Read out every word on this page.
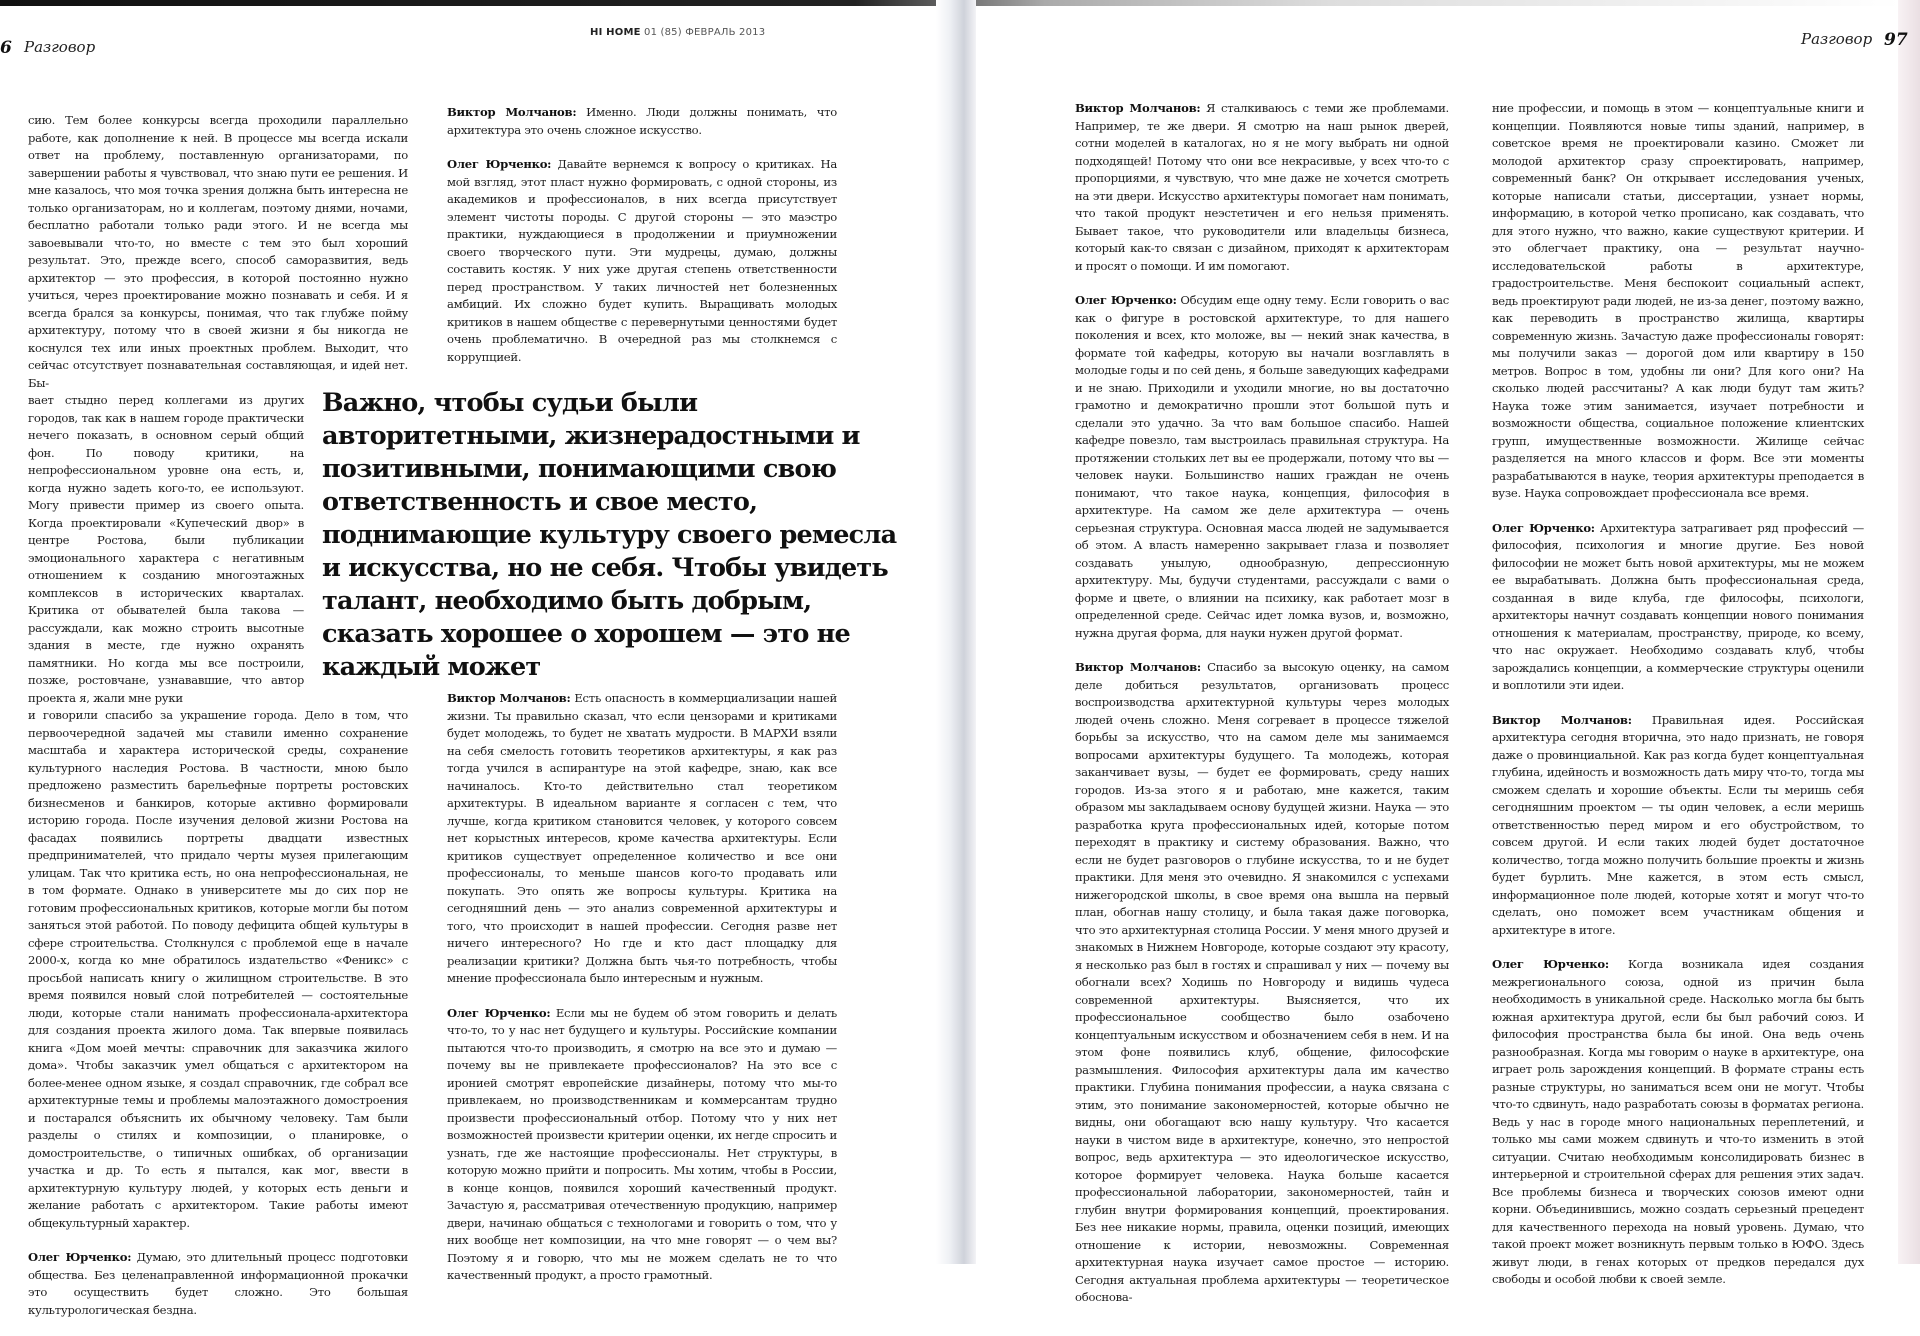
6 Разговор
HI HOME 01 (85) ФЕВРАЛЬ 2013	Разговор 97

сию. Тем более конкурсы всегда проходили параллельно работе, как дополнение к ней. В процессе мы всегда искали ответ на проблему, поставленную организаторами, по завершении работы я чувствовал, что знаю пути ее решения. И мне казалось, что моя точка зрения должна быть интересна не только организаторам, но и коллегам, поэтому днями, ночами, бесплатно работали только ради этого. И не всегда мы завоевывали что-то, но вместе с тем это был хороший результат. Это, прежде всего, способ саморазвития, ведь архитектор — это профессия, в которой постоянно нужно учиться, через проектирование можно познавать и себя. И я всегда брался за конкурсы, понимая, что так глубже пойму архитектуру, потому что в своей жизни я бы никогда не коснулся тех или иных проектных проблем. Выходит, что сейчас отсутствует познавательная составляющая, и идей нет. Бы-

вает стыдно перед коллегами из других городов, так как в нашем городе практически нечего показать, в основном серый общий фон. По поводу критики, на непрофессиональном уровне она есть, и, когда нужно задеть кого-то, ее используют. Могу привести пример из своего опыта. Когда проектировали «Купеческий двор» в центре Ростова, были публикации эмоционального характера с негативным отношением к созданию многоэтажных комплексов в исторических кварталах. Критика от обывателей была такова — рассуждали, как можно строить высотные здания в месте, где нужно охранять памятники. Но когда мы все построили, позже, ростовчане, узнававшие, что автор проекта я, жали мне руки

и говорили спасибо за украшение города. Дело в том, что первоочередной задачей мы ставили именно сохранение масштаба и характера исторической среды, сохранение культурного наследия Ростова. В частности, мною было предложено разместить барельефные портреты ростовских бизнесменов и банкиров, которые активно формировали историю города. После изучения деловой жизни Ростова на фасадах появились портреты двадцати известных предпринимателей, что придало черты музея прилегающим улицам. Так что критика есть, но она непрофессиональная, не в том формате. Однако в университете мы до сих пор не готовим профессиональных критиков, которые могли бы потом заняться этой работой. По поводу дефицита общей культуры в сфере строительства. Столкнулся с проблемой еще в начале 2000-х, когда ко мне обратилось издательство «Феникс» с просьбой написать книгу о жилищном строительстве. В это время появился новый слой потребителей — состоятельные люди, которые стали нанимать профессионала-архитектора для создания проекта жилого дома. Так впервые появилась книга «Дом моей мечты: справочник для заказчика жилого дома». Чтобы заказчик умел общаться с архитектором на более-менее одном языке, я создал справочник, где собрал все архитектурные темы и проблемы малоэтажного домостроения и постарался объяснить их обычному человеку. Там были разделы о стилях и композиции, о планировке, о домостроительстве, о типичных ошибках, об организации участка и др. То есть я пытался, как мог, ввести в архитектурную культуру людей, у которых есть деньги и желание работать с архитектором. Такие работы имеют общекультурный характер.

Олег Юрченко: Думаю, это длительный процесс подготовки общества. Без целенаправленной информационной прокачки это осуществить будет сложно. Это большая культурологическая бездна.

Виктор Молчанов: Именно. Люди должны понимать, что архитектура это очень сложное искусство.

Олег Юрченко: Давайте вернемся к вопросу о критиках. На мой взгляд, этот пласт нужно формировать, с одной стороны, из академиков и профессионалов, в них всегда присутствует элемент чистоты породы. С другой стороны — это маэстро практики, нуждающиеся в продолжении и приумножении своего творческого пути. Эти мудрецы, думаю, должны составить костяк. У них уже другая степень ответственности перед пространством. У таких личностей нет болезненных амбиций. Их сложно будет купить. Выращивать молодых критиков в нашем обществе с перевернутыми ценностями будет очень проблематично. В очередной раз мы столкнемся с коррупцией.

Виктор Молчанов: Есть опасность в коммерциализации нашей жизни. Ты правильно сказал, что если цензорами и критиками будет молодежь, то будет не хватать мудрости. В МАРХИ взяли на себя смелость готовить теоретиков архитектуры, я как раз тогда учился в аспирантуре на этой кафедре, знаю, как все начиналось. Кто-то действительно стал теоретиком архитектуры. В идеальном варианте я согласен с тем, что лучше, когда критиком становится человек, у которого совсем нет корыстных интересов, кроме качества архитектуры. Если критиков существует определенное количество и все они профессионалы, то меньше шансов кого-то продавать или покупать. Это опять же вопросы культуры. Критика на сегодняшний день — это анализ современной архитектуры и того, что происходит в нашей профессии. Сегодня разве нет ничего интересного? Но где и кто даст площадку для реализации критики? Должна быть чья-то потребность, чтобы мнение профессионала было интересным и нужным.

Олег Юрченко: Если мы не будем об этом говорить и делать что-то, то у нас нет будущего и культуры. Российские компании пытаются что-то производить, я смотрю на все это и думаю — почему вы не привлекаете профессионалов? На это все с иронией смотрят европейские дизайнеры, потому что мы-то привлекаем, но производственникам и коммерсантам трудно произвести профессиональный отбор. Потому что у них нет возможностей произвести критерии оценки, их негде спросить и узнать, где же настоящие профессионалы. Нет структуры, в которую можно прийти и попросить. Мы хотим, чтобы в России, в конце концов, появился хороший качественный продукт. Зачастую я, рассматривая отечественную продукцию, например двери, начинаю общаться с технологами и говорить о том, что у них вообще нет композиции, на что мне говорят — о чем вы? Поэтому я и говорю, что мы не можем сделать не то что качественный продукт, а просто грамотный.

Важно, чтобы судьи были авторитетными, жизнерадостными и позитивными, понимающими свою ответственность и свое место, поднимающие культуру своего ремесла и искусства, но не себя. Чтобы увидеть талант, необходимо быть добрым, сказать хорошее о хорошем — это не каждый может

Виктор Молчанов: Я сталкиваюсь с теми же проблемами. Например, те же двери. Я смотрю на наш рынок дверей, сотни моделей в каталогах, но я не могу выбрать ни одной подходящей! Потому что они все некрасивые, у всех что-то с пропорциями, я чувствую, что мне даже не хочется смотреть на эти двери. Искусство архитектуры помогает нам понимать, что такой продукт неэстетичен и его нельзя применять. Бывает такое, что руководители или владельцы бизнеса, который как-то связан с дизайном, приходят к архитекторам и просят о помощи. И им помогают.

Олег Юрченко: Обсудим еще одну тему. Если говорить о вас как о фигуре в ростовской архитектуре, то для нашего поколения и всех, кто моложе, вы — некий знак качества, в формате той кафедры, которую вы начали возглавлять в молодые годы и по сей день, я больше заведующих кафедрами и не знаю. Приходили и уходили многие, но вы достаточно грамотно и демократично прошли этот большой путь и сделали это удачно. За что вам большое спасибо. Нашей кафедре повезло, там выстроилась правильная структура. На протяжении стольких лет вы ее продержали, потому что вы — человек науки. Большинство наших граждан не очень понимают, что такое наука, концепция, философия в архитектуре. На самом же деле архитектура — очень серьезная структура. Основная масса людей не задумывается об этом. А власть намеренно закрывает глаза и позволяет создавать унылую, однообразную, депрессионную архитектуру. Мы, будучи студентами, рассуждали с вами о форме и цвете, о влиянии на психику, как работает мозг в определенной среде. Сейчас идет ломка вузов, и, возможно, нужна другая форма, для науки нужен другой формат.

Виктор Молчанов: Спасибо за высокую оценку, на самом деле добиться результатов, организовать процесс воспроизводства архитектурной культуры через молодых людей очень сложно. Меня согревает в процессе тяжелой борьбы за искусство, что на самом деле мы занимаемся вопросами архитектуры будущего. Та молодежь, которая заканчивает вузы, — будет ее формировать, среду наших городов. Из-за этого я и работаю, мне кажется, таким образом мы закладываем основу будущей жизни. Наука — это разработка круга профессиональных идей, которые потом переходят в практику и систему образования. Важно, что если не будет разговоров о глубине искусства, то и не будет практики. Для меня это очевидно. Я знакомился с успехами нижегородской школы, в свое время она вышла на первый план, обогнав нашу столицу, и была такая даже поговорка, что это архитектурная столица России. У меня много друзей и знакомых в Нижнем Новгороде, которые создают эту красоту, я несколько раз был в гостях и спрашивал у них — почему вы обогнали всех? Ходишь по Новгороду и видишь чудеса современной архитектуры. Выясняется, что их профессиональное сообщество было озабочено концептуальным искусством и обозначением себя в нем. И на этом фоне появились клуб, общение, философские размышления. Философия архитектуры дала им качество практики. Глубина понимания профессии, а наука связана с этим, это понимание закономерностей, которые обычно не видны, они обогащают всю нашу культуру. Что касается науки в чистом виде в архитектуре, конечно, это непростой вопрос, ведь архитектура — это идеологическое искусство, которое формирует человека. Наука больше касается профессиональной лаборатории, закономерностей, тайн и глубин внутри формирования концепций, проектирования. Без нее никакие нормы, правила, оценки позиций, имеющих отношение к истории, невозможны. Современная архитектурная наука изучает самое простое — историю. Сегодня актуальная проблема архитектуры — теоретическое обоснова-

ние профессии, и помощь в этом — концептуальные книги и концепции. Появляются новые типы зданий, например, в советское время не проектировали казино. Сможет ли молодой архитектор сразу спроектировать, например, современный банк? Он открывает исследования ученых, которые написали статьи, диссертации, узнает нормы, информацию, в которой четко прописано, как создавать, что для этого нужно, что важно, какие существуют критерии. И это облегчает практику, она — результат научно-исследовательской работы в архитектуре, градостроительстве. Меня беспокоит социальный аспект, ведь проектируют ради людей, не из-за денег, поэтому важно, как переводить в пространство жилища, квартиры современную жизнь. Зачастую даже профессионалы говорят: мы получили заказ — дорогой дом или квартиру в 150 метров. Вопрос в том, удобны ли они? Для кого они? На сколько людей рассчитаны? А как люди будут там жить? Наука тоже этим занимается, изучает потребности и возможности общества, социальное положение клиентских групп, имущественные возможности. Жилище сейчас разделяется на много классов и форм. Все эти моменты разрабатываются в науке, теория архитектуры преподается в вузе. Наука сопровождает профессионала все время.

Олег Юрченко: Архитектура затрагивает ряд профессий — философия, психология и многие другие. Без новой философии не может быть новой архитектуры, мы не можем ее вырабатывать. Должна быть профессиональная среда, созданная в виде клуба, где философы, психологи, архитекторы начнут создавать концепции нового понимания отношения к материалам, пространству, природе, ко всему, что нас окружает. Необходимо создавать клуб, чтобы зарождались концепции, а коммерческие структуры оценили и воплотили эти идеи.

Виктор Молчанов: Правильная идея. Российская архитектура сегодня вторична, это надо признать, не говоря даже о провинциальной. Как раз когда будет концептуальная глубина, идейность и возможность дать миру что-то, тогда мы сможем сделать и хорошие объекты. Если ты меришь себя сегодняшним проектом — ты один человек, а если меришь ответственностью перед миром и его обустройством, то совсем другой. И если таких людей будет достаточное количество, тогда можно получить большие проекты и жизнь будет бурлить. Мне кажется, в этом есть смысл, информационное поле людей, которые хотят и могут что-то сделать, оно поможет всем участникам общения и архитектуре в итоге.

Олег Юрченко: Когда возникала идея создания межрегионального союза, одной из причин была необходимость в уникальной среде. Насколько могла бы быть южная архитектура другой, если бы был рабочий союз. И философия пространства была бы иной. Она ведь очень разнообразная. Когда мы говорим о науке в архитектуре, она играет роль зарождения концепций. В формате страны есть разные структуры, но заниматься всем они не могут. Чтобы что-то сдвинуть, надо разработать союзы в форматах региона. Ведь у нас в городе много национальных переплетений, и только мы сами можем сдвинуть и что-то изменить в этой ситуации. Считаю необходимым консолидировать бизнес в интерьерной и строительной сферах для решения этих задач. Все проблемы бизнеса и творческих союзов имеют одни корни. Объединившись, можно создать серьезный прецедент для качественного перехода на новый уровень. Думаю, что такой проект может возникнуть первым только в ЮФО. Здесь живут люди, в генах которых от предков передался дух свободы и особой любви к своей земле.
